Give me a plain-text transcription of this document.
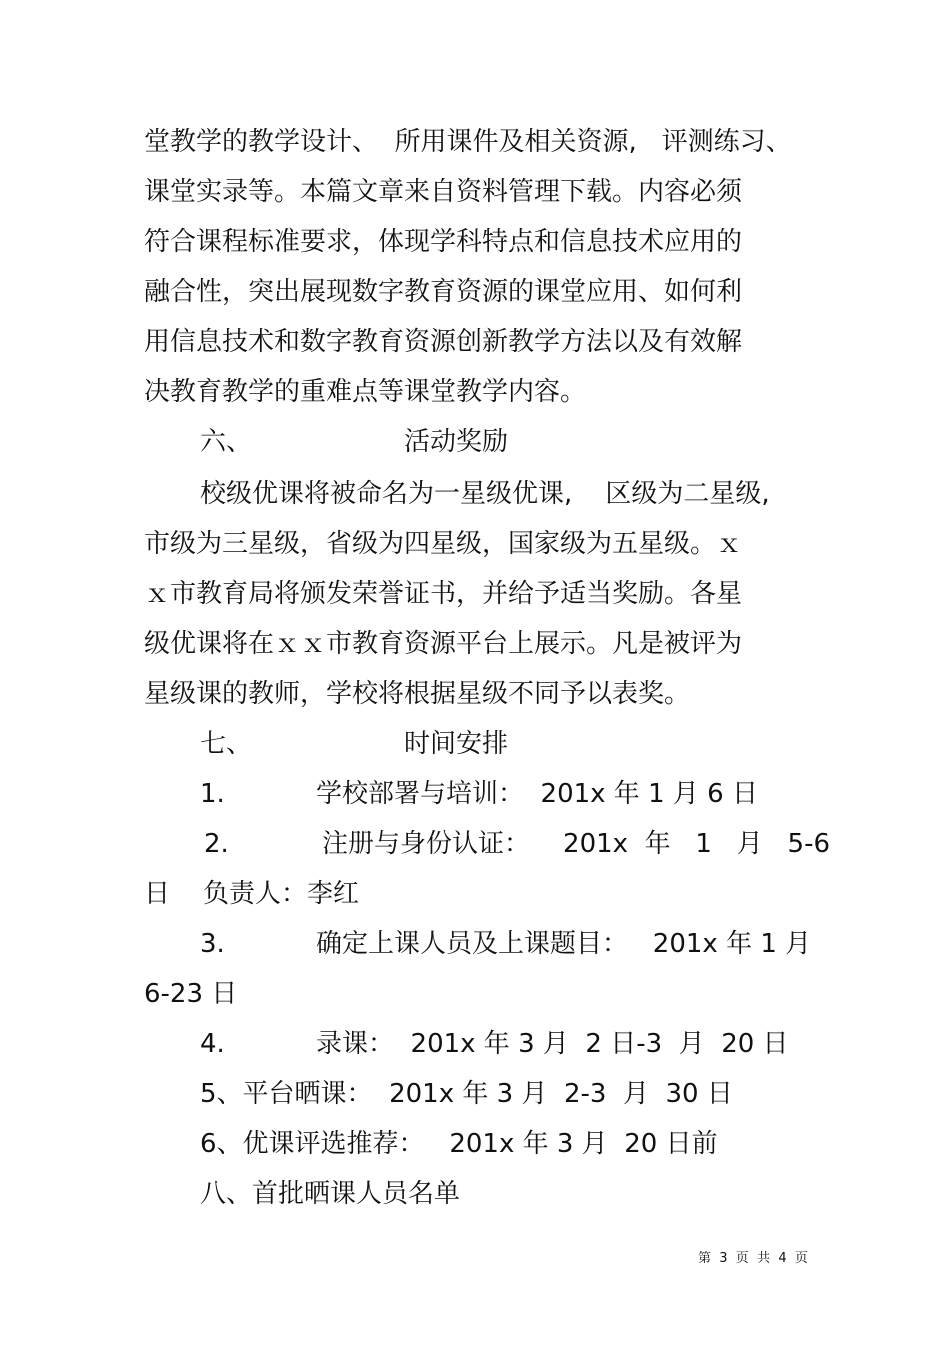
堂教学的教学设计、  所用课件及相关资源,   评测练习、
课堂实录等。本篇文章来自资料管理下载。内容必须
符合课程标准要求，体现学科特点和信息技术应用的
融合性，突出展现数字教育资源的课堂应用、如何利
用信息技术和数字教育资源创新教学方法以及有效解
决教育教学的重难点等课堂教学内容。
六、	活动奖励
校级优课将被命名为一星级优课,    区级为二星级,
市级为三星级，省级为四星级，国家级为五星级。ｘ
ｘ市教育局将颁发荣誉证书，并给予适当奖励。各星
级优课将在ｘｘ市教育资源平台上展示。凡是被评为
星级课的教师，学校将根据星级不同予以表奖。
七、	时间安排
1.	学校部署与培训：  201x 年 1 月 6 日
2.	注册与身份认证：    201x  年   1   月   5-6
日    负责人：李红
3.	确定上课人员及上课题目：   201x 年 1 月
6-23 日
4.	录课：  201x 年 3 月  2 日-3  月  20 日
5、平台晒课：  201x 年 3 月  2-3  月  30 日
6、优课评选推荐：   201x 年 3 月  20 日前
八、首批晒课人员名单
第  3  页  共  4  页
